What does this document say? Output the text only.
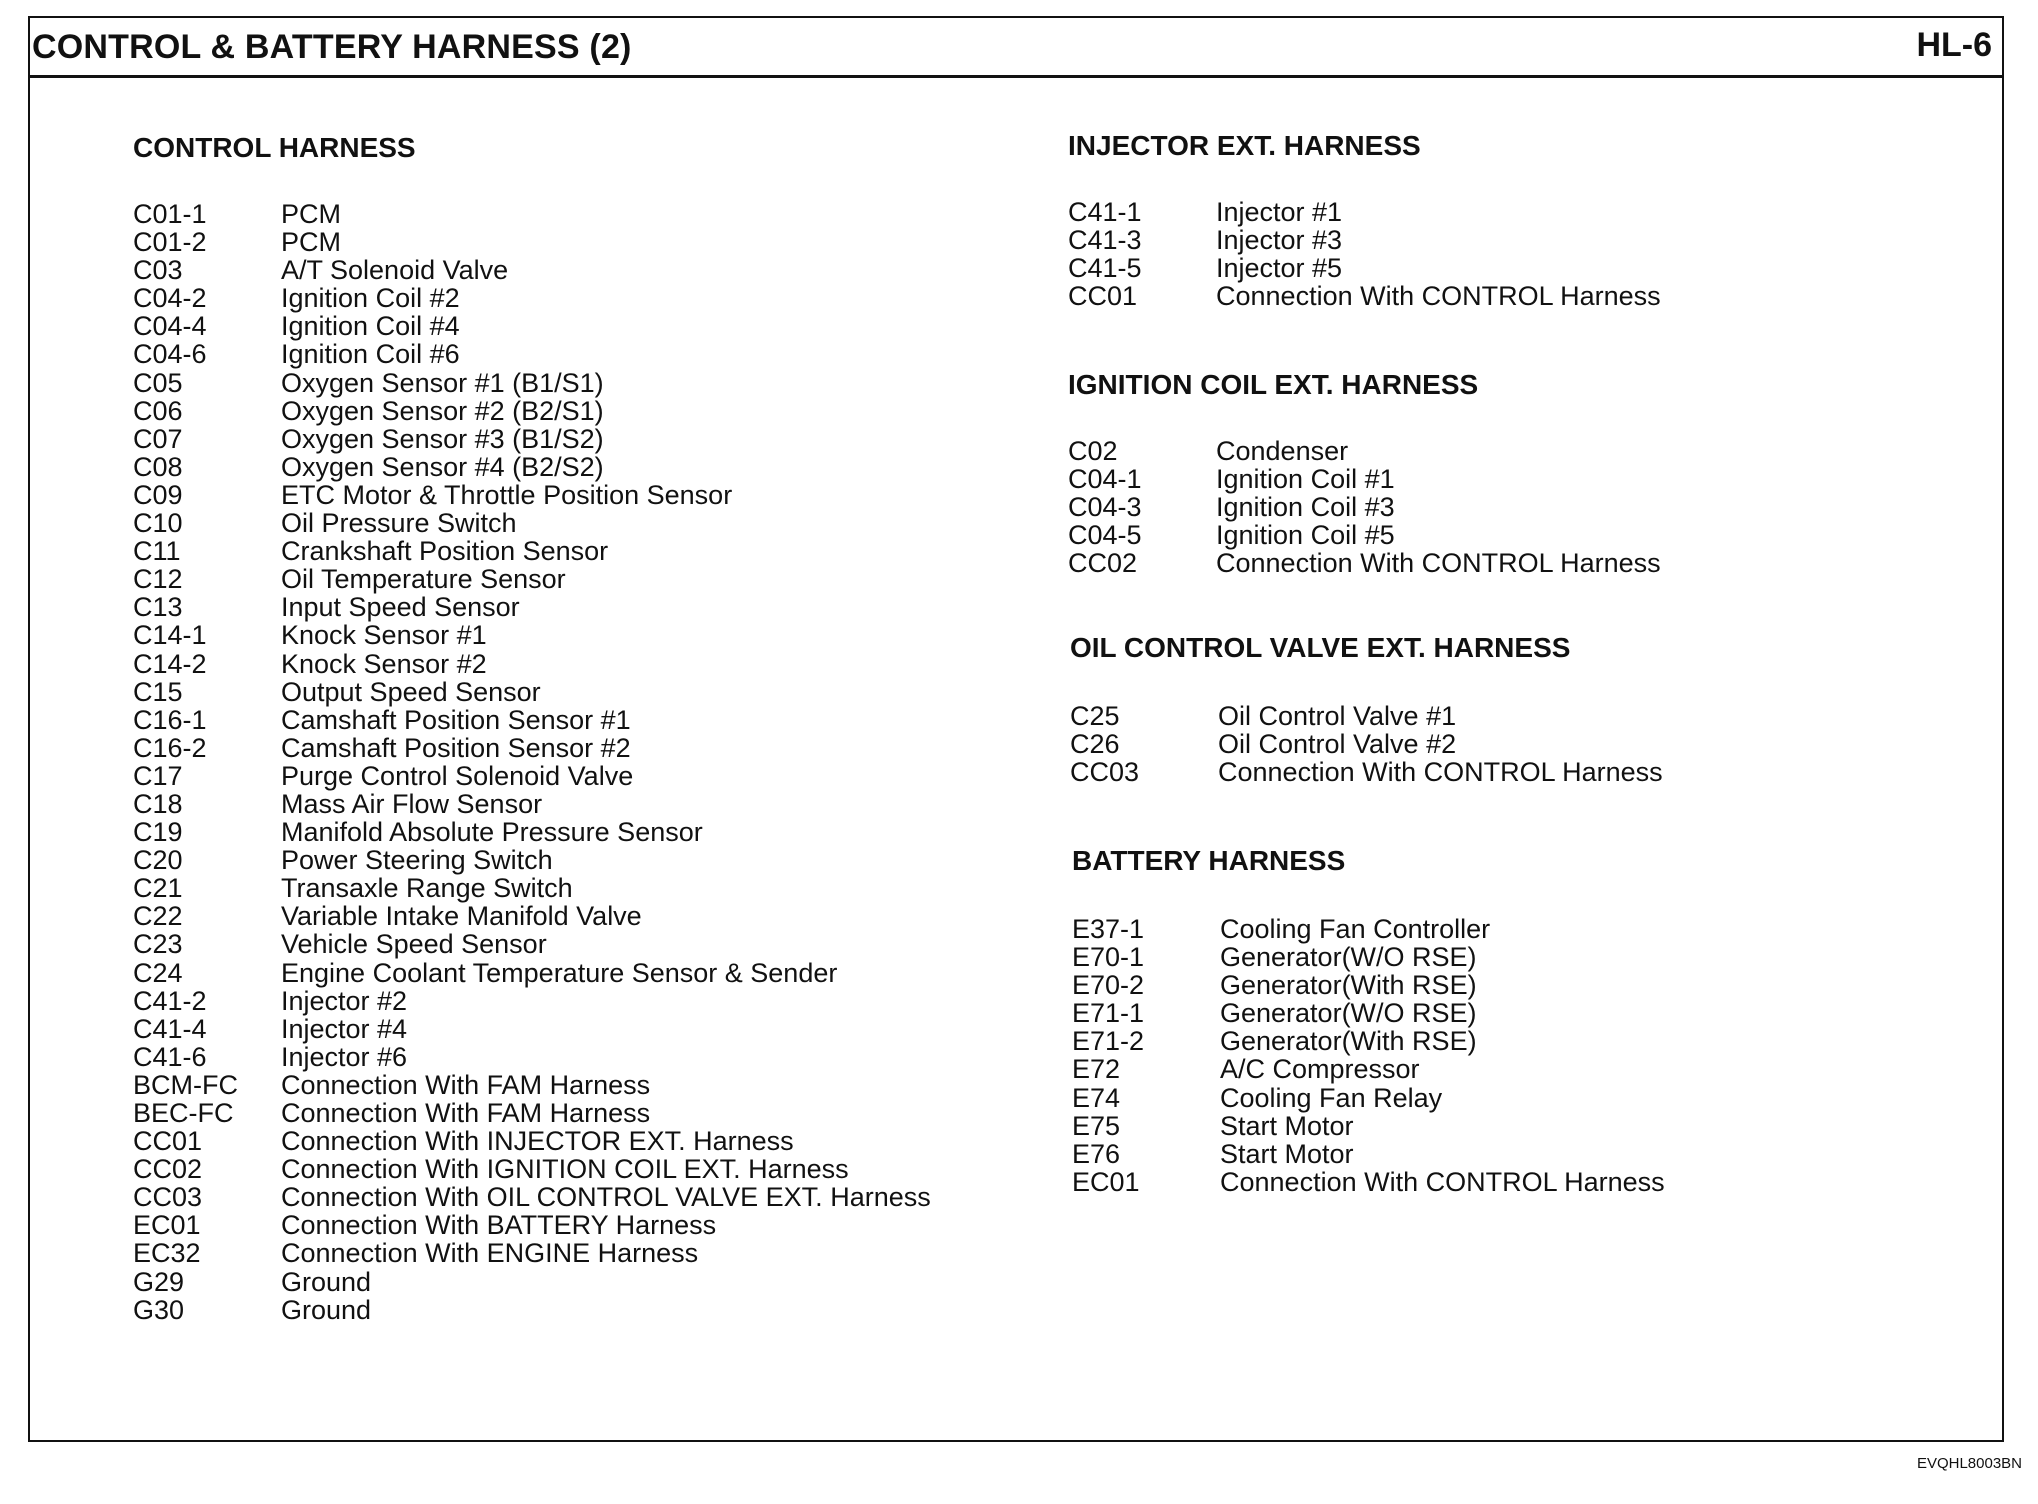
CONTROL & BATTERY HARNESS (2)	HL-6
CONTROL HARNESS
C01-1	PCM
C01-2	PCM
C03	A/T Solenoid Valve
C04-2	Ignition Coil #2
C04-4	Ignition Coil #4
C04-6	Ignition Coil #6
C05	Oxygen Sensor #1 (B1/S1)
C06	Oxygen Sensor #2 (B2/S1)
C07	Oxygen Sensor #3 (B1/S2)
C08	Oxygen Sensor #4 (B2/S2)
C09	ETC Motor & Throttle Position Sensor
C10	Oil Pressure Switch
C11	Crankshaft Position Sensor
C12	Oil Temperature Sensor
C13	Input Speed Sensor
C14-1	Knock Sensor #1
C14-2	Knock Sensor #2
C15	Output Speed Sensor
C16-1	Camshaft Position Sensor #1
C16-2	Camshaft Position Sensor #2
C17	Purge Control Solenoid Valve
C18	Mass Air Flow Sensor
C19	Manifold Absolute Pressure Sensor
C20	Power Steering Switch
C21	Transaxle Range Switch
C22	Variable Intake Manifold Valve
C23	Vehicle Speed Sensor
C24	Engine Coolant Temperature Sensor & Sender
C41-2	Injector #2
C41-4	Injector #4
C41-6	Injector #6
BCM-FC	Connection With FAM Harness
BEC-FC	Connection With FAM Harness
CC01	Connection With INJECTOR EXT. Harness
CC02	Connection With IGNITION COIL EXT. Harness
CC03	Connection With OIL CONTROL VALVE EXT. Harness
EC01	Connection With BATTERY Harness
EC32	Connection With ENGINE Harness
G29	Ground
G30	Ground
INJECTOR EXT. HARNESS
C41-1	Injector #1
C41-3	Injector #3
C41-5	Injector #5
CC01	Connection With CONTROL Harness
IGNITION COIL EXT. HARNESS
C02	Condenser
C04-1	Ignition Coil #1
C04-3	Ignition Coil #3
C04-5	Ignition Coil #5
CC02	Connection With CONTROL Harness
OIL CONTROL VALVE EXT. HARNESS
C25	Oil Control Valve #1
C26	Oil Control Valve #2
CC03	Connection With CONTROL Harness
BATTERY HARNESS
E37-1	Cooling Fan Controller
E70-1	Generator(W/O RSE)
E70-2	Generator(With RSE)
E71-1	Generator(W/O RSE)
E71-2	Generator(With RSE)
E72	A/C Compressor
E74	Cooling Fan Relay
E75	Start Motor
E76	Start Motor
EC01	Connection With CONTROL Harness
EVQHL8003BN
